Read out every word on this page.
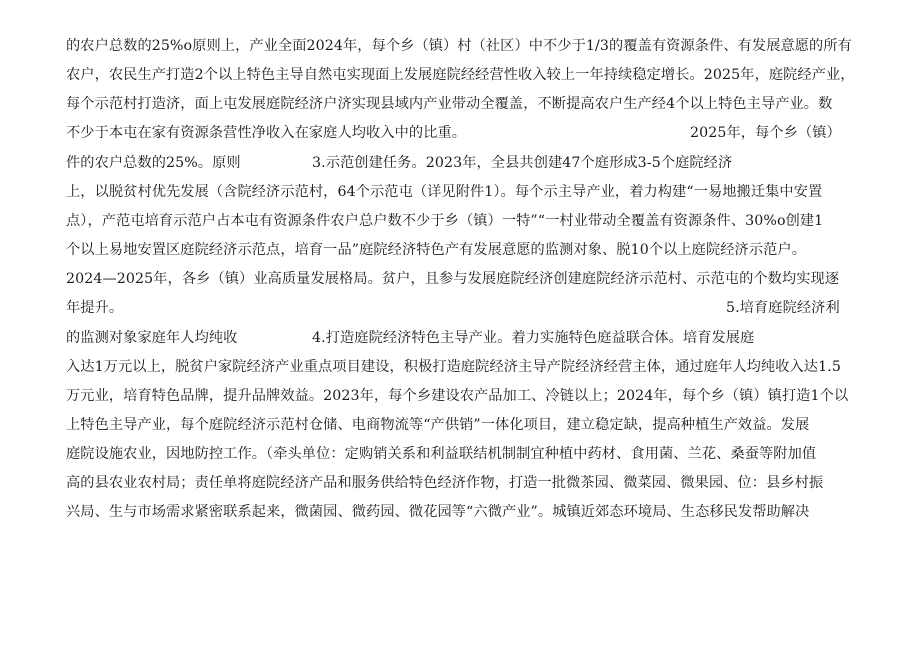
的农户总数的25%o原则上，产业全面2024年，每个乡（镇）村（社区）中不少于1/3的覆盖有资源条件、有发展意愿的所有
农户，农民生产打造2个以上特色主导自然屯实现面上发展庭院经经营性收入较上一年持续稳定增长。2025年，庭院经产业，
每个示范村打造济，面上屯发展庭院经济户济实现县域内产业带动全覆盖，不断提高农户生产经4个以上特色主导产业。数
不少于本屯在家有资源条营性净收入在家庭人均收入中的比重。	2025年，每个乡（镇）
件的农户总数的25%。原则	3.示范创建任务。2023年，全县共创建47个庭形成3-5个庭院经济
上，以脱贫村优先发展（含院经济示范村，64个示范屯（详见附件1）。每个示主导产业，着力构建“一易地搬迁集中安置
点），产范屯培育示范户占本屯有资源条件农户总户数不少于乡（镇）一特”“一村业带动全覆盖有资源条件、30%o创建1
个以上易地安置区庭院经济示范点，培育一品”庭院经济特色产有发展意愿的监测对象、脱10个以上庭院经济示范户。
2024—2025年，各乡（镇）业高质量发展格局。贫户，且参与发展庭院经济创建庭院经济示范村、示范屯的个数均实现逐
年提升。	5.培育庭院经济利
的监测对象家庭年人均纯收	4.打造庭院经济特色主导产业。着力实施特色庭益联合体。培育发展庭
入达1万元以上，脱贫户家院经济产业重点项目建设，积极打造庭院经济主导产院经济经营主体，通过庭年人均纯收入达1.5
万元业，培育特色品牌，提升品牌效益。2023年，每个乡建设农产品加工、冷链以上；2024年，每个乡（镇）镇打造1个以
上特色主导产业，每个庭院经济示范村仓储、电商物流等“产供销”一体化项目，建立稳定缺，提高种植生产效益。发展
庭院设施农业，因地防控工作。（牵头单位：定购销关系和利益联结机制制宜种植中药材、食用菌、兰花、桑蚕等附加值
高的县农业农村局；责任单将庭院经济产品和服务供给特色经济作物，打造一批微茶园、微菜园、微果园、位：县乡村振
兴局、生与市场需求紧密联系起来，微菌园、微药园、微花园等“六微产业”。城镇近郊态环境局、生态移民发帮助解决
